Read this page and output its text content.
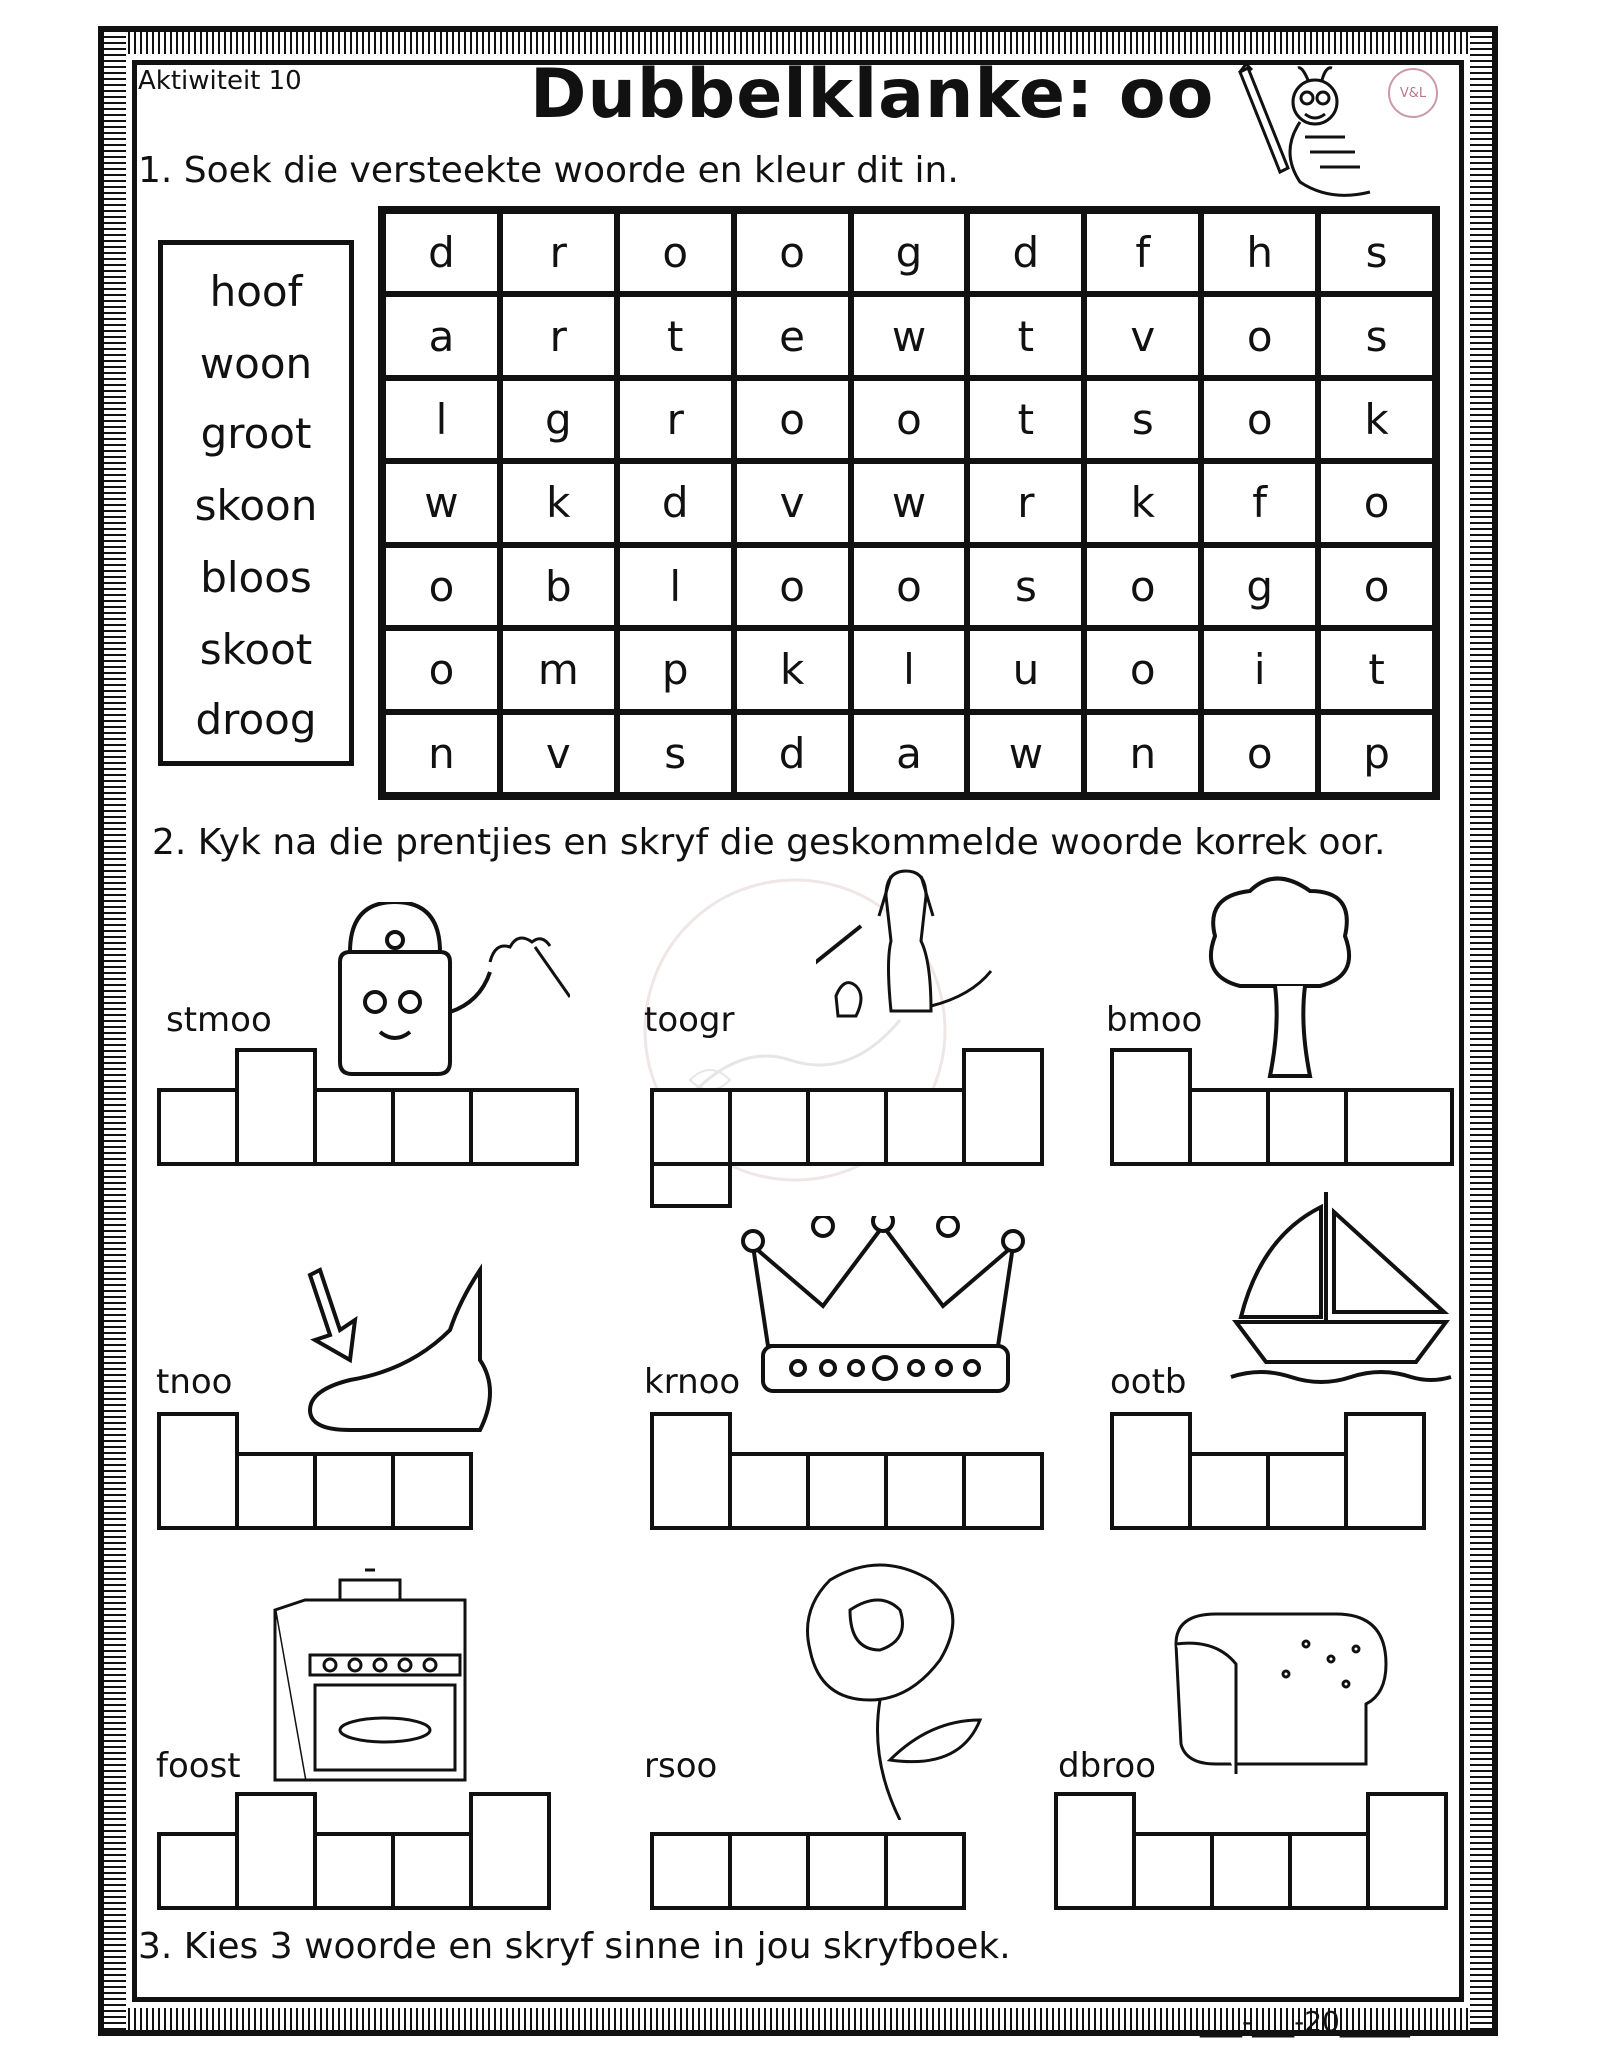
Aktiwiteit 10	Dubbelklanke: oo	V&L
1. Soek die versteekte woorde en kleur dit in.
hoof
woon
groot
skoon
bloos
skoot
droog
d	r	o	o	g	d	f	h	s
a	r	t	e	w	t	v	o	s
l	g	r	o	o	t	s	o	k
w	k	d	v	w	r	k	f	o
o	b	l	o	o	s	o	g	o
o	m	p	k	l	u	o	i	t
n	v	s	d	a	w	n	o	p
2. Kyk na die prentjies en skryf die geskommelde woorde korrek oor.
stmoo	toogr	bmoo
tnoo	krnoo	ootb
foost	rsoo	dbroo
3. Kies 3 woorde en skryf sinne in jou skryfboek.
___-___-20_____
